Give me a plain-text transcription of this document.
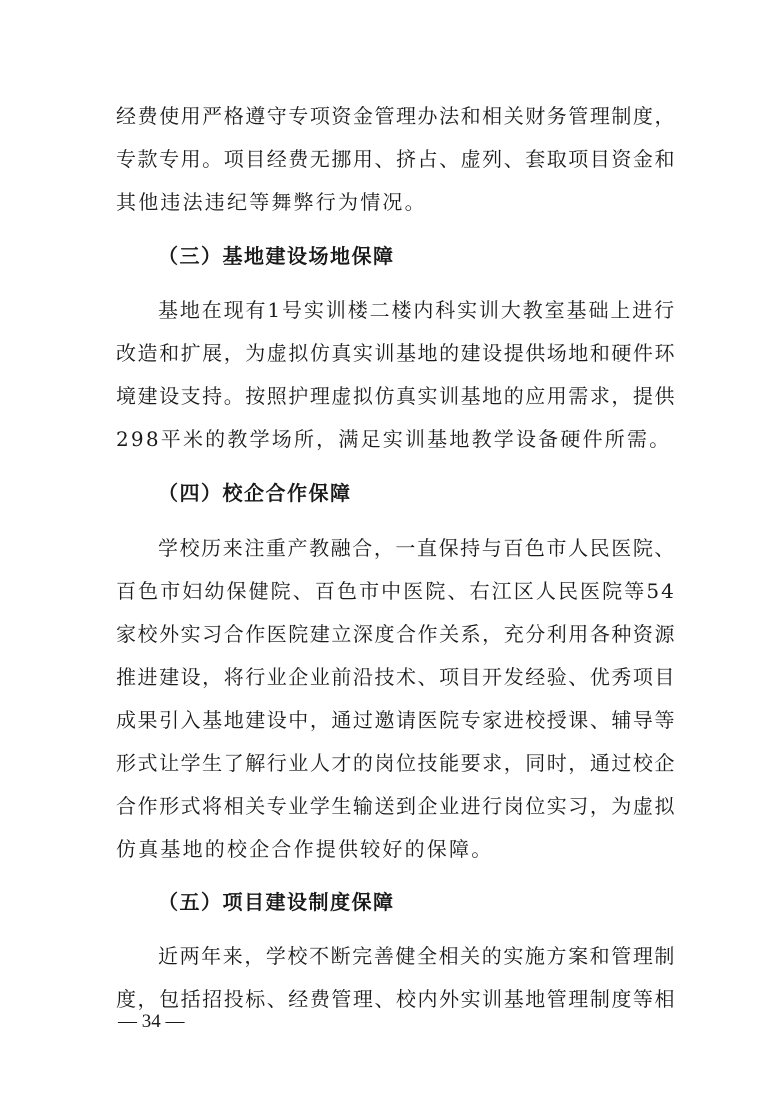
经费使用严格遵守专项资金管理办法和相关财务管理制度，
专款专用。项目经费无挪用、挤占、虚列、套取项目资金和
其他违法违纪等舞弊行为情况。
（三）基地建设场地保障
基地在现有1号实训楼二楼内科实训大教室基础上进行
改造和扩展，为虚拟仿真实训基地的建设提供场地和硬件环
境建设支持。按照护理虚拟仿真实训基地的应用需求，提供
298平米的教学场所，满足实训基地教学设备硬件所需。
（四）校企合作保障
学校历来注重产教融合，一直保持与百色市人民医院、
百色市妇幼保健院、百色市中医院、右江区人民医院等54
家校外实习合作医院建立深度合作关系，充分利用各种资源
推进建设，将行业企业前沿技术、项目开发经验、优秀项目
成果引入基地建设中，通过邀请医院专家进校授课、辅导等
形式让学生了解行业人才的岗位技能要求，同时，通过校企
合作形式将相关专业学生输送到企业进行岗位实习，为虚拟
仿真基地的校企合作提供较好的保障。
（五）项目建设制度保障
近两年来，学校不断完善健全相关的实施方案和管理制
度，包括招投标、经费管理、校内外实训基地管理制度等相
— 34 —
